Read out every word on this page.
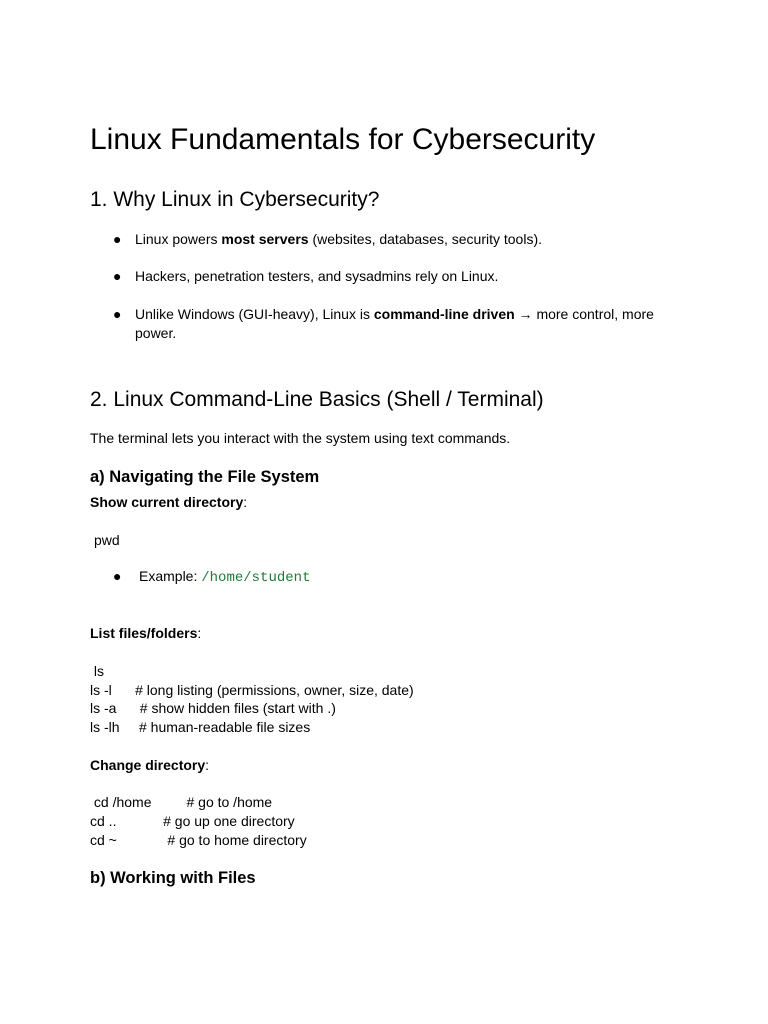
Linux Fundamentals for Cybersecurity
1. Why Linux in Cybersecurity?
● Linux powers most servers (websites, databases, security tools).
● Hackers, penetration testers, and sysadmins rely on Linux.
● Unlike Windows (GUI-heavy), Linux is command-line driven → more control, more
power.
2. Linux Command-Line Basics (Shell / Terminal)
The terminal lets you interact with the system using text commands.
a) Navigating the File System
Show current directory:
pwd
● Example: /home/student
List files/folders:
ls
ls -l      # long listing (permissions, owner, size, date)
ls -a      # show hidden files (start with .)
ls -lh     # human-readable file sizes
Change directory:
cd /home         # go to /home
cd ..            # go up one directory
cd ~             # go to home directory
b) Working with Files
